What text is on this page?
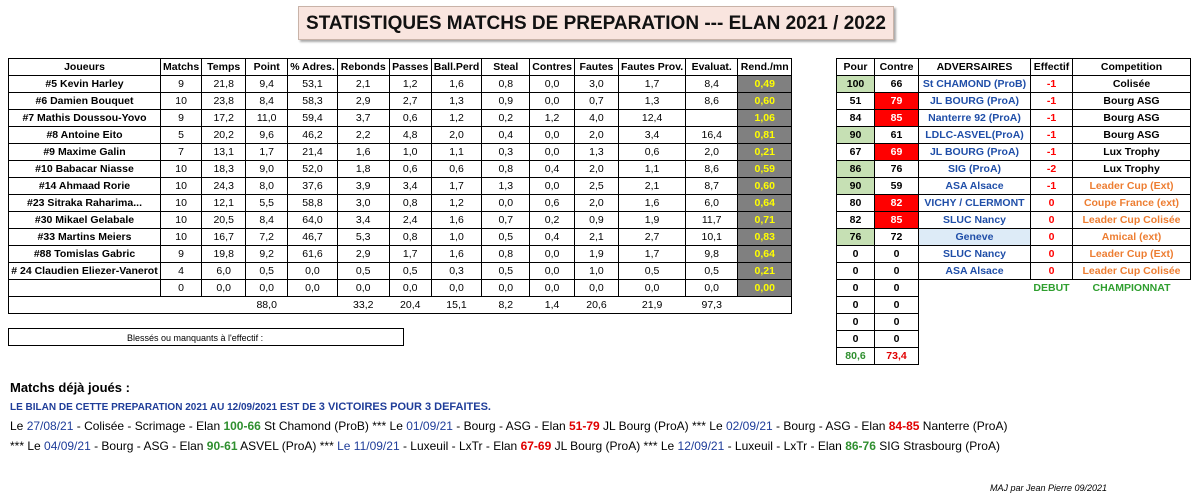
STATISTIQUES MATCHS DE PREPARATION --- ELAN 2021 / 2022
Joueurs	Matchs	Temps	Point	% Adres.	Rebonds	Passes	Ball.Perd	Steal	Contres	Fautes	Fautes Prov.	Evaluat.	Rend./mn
#5 Kevin Harley	9	21,8	9,4	53,1	2,1	1,2	1,6	0,8	0,0	3,0	1,7	8,4	0,49
#6 Damien Bouquet	10	23,8	8,4	58,3	2,9	2,7	1,3	0,9	0,0	0,7	1,3	8,6	0,60
#7 Mathis Doussou-Yovo	9	17,2	11,0	59,4	3,7	0,6	1,2	0,2	1,2	4,0	12,4		1,06
#8 Antoine Eito	5	20,2	9,6	46,2	2,2	4,8	2,0	0,4	0,0	2,0	3,4	16,4	0,81
#9 Maxime Galin	7	13,1	1,7	21,4	1,6	1,0	1,1	0,3	0,0	1,3	0,6	2,0	0,21
#10 Babacar Niasse	10	18,3	9,0	52,0	1,8	0,6	0,6	0,8	0,4	2,0	1,1	8,6	0,59
#14 Ahmaad Rorie	10	24,3	8,0	37,6	3,9	3,4	1,7	1,3	0,0	2,5	2,1	8,7	0,60
#23 Sitraka Raharima...	10	12,1	5,5	58,8	3,0	0,8	1,2	0,0	0,6	2,0	1,6	6,0	0,64
#30 Mikael Gelabale	10	20,5	8,4	64,0	3,4	2,4	1,6	0,7	0,2	0,9	1,9	11,7	0,71
#33 Martins Meiers	10	16,7	7,2	46,7	5,3	0,8	1,0	0,5	0,4	2,1	2,7	10,1	0,83
#88 Tomislas Gabric	9	19,8	9,2	61,6	2,9	1,7	1,6	0,8	0,0	1,9	1,7	9,8	0,64
# 24 Claudien Eliezer-Vanerot	4	6,0	0,5	0,0	0,5	0,5	0,3	0,5	0,0	1,0	0,5	0,5	0,21
	0	0,0	0,0	0,0	0,0	0,0	0,0	0,0	0,0	0,0	0,0	0,0	0,00
			88,0		33,2	20,4	15,1	8,2	1,4	20,6	21,9	97,3	
Pour	Contre	ADVERSAIRES	Effectif	Competition
100	66	St CHAMOND (ProB)	-1	Colisée
51	79	JL BOURG (ProA)	-1	Bourg ASG
84	85	Nanterre 92 (ProA)	-1	Bourg ASG
90	61	LDLC-ASVEL(ProA)	-1	Bourg ASG
67	69	JL BOURG (ProA)	-1	Lux Trophy
86	76	SIG (ProA)	-2	Lux Trophy
90	59	ASA Alsace	-1	Leader Cup (Ext)
80	82	VICHY / CLERMONT	0	Coupe France (ext)
82	85	SLUC Nancy	0	Leader Cup Colisée
76	72	Geneve	0	Amical (ext)
0	0	SLUC Nancy	0	Leader Cup (Ext)
0	0	ASA Alsace	0	Leader Cup Colisée
0	0		DEBUT	CHAMPIONNAT
0	0			
0	0			
0	0			
80,6	73,4			
Blessés ou manquants à l'effectif :
Matchs déjà joués :
LE BILAN DE CETTE PREPARATION 2021 AU 12/09/2021 EST DE 3 VICTOIRES POUR 3 DEFAITES.
Le 27/08/21 - Colisée - Scrimage - Elan 100-66 St Chamond (ProB) *** Le 01/09/21 - Bourg - ASG - Elan 51-79 JL Bourg (ProA) *** Le 02/09/21 - Bourg - ASG - Elan 84-85 Nanterre (ProA)
*** Le 04/09/21 - Bourg - ASG - Elan 90-61 ASVEL (ProA) *** Le 11/09/21 - Luxeuil - LxTr - Elan 67-69 JL Bourg (ProA) *** Le 12/09/21 - Luxeuil - LxTr - Elan 86-76 SIG Strasbourg (ProA)
MAJ par Jean Pierre 09/2021
